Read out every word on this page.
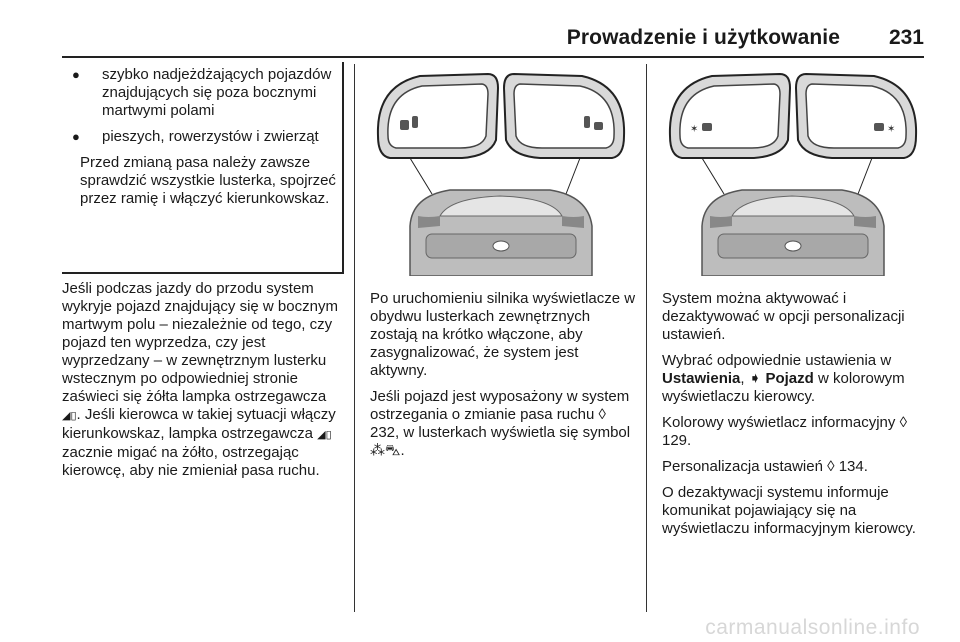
Prowadzenie i użytkowanie 231
● szybko nadjeżdżających pojazdów znajdujących się poza bocznymi martwymi polami
● pieszych, rowerzystów i zwierząt
Przed zmianą pasa należy zawsze sprawdzić wszystkie lusterka, spojrzeć przez ramię i włączyć kierunkowskaz.

Jeśli podczas jazdy do przodu system wykryje pojazd znajdujący się w bocznym martwym polu – niezależnie od tego, czy pojazd ten wyprzedza, czy jest wyprzedzany – w zewnętrznym lusterku wstecznym po odpowiedniej stronie zaświeci się żółta lampka ostrzegawcza ◢▯. Jeśli kierowca w takiej sytuacji włączy kierunkowskaz, lampka ostrzegawcza ◢▯ zacznie migać na żółto, ostrzegając kierowcę, aby nie zmieniał pasa ruchu.

Po uruchomieniu silnika wyświetlacze w obydwu lusterkach zewnętrznych zostają na krótko włączone, aby zasygnalizować, że system jest aktywny.

Jeśli pojazd jest wyposażony w system ostrzegania o zmianie pasa ruchu ◊ 232, w lusterkach wyświetla się symbol ⁂⛍.

✶	✶

System można aktywować i dezaktywować w opcji personalizacji ustawień.

Wybrać odpowiednie ustawienia w Ustawienia, ➧ Pojazd w kolorowym wyświetlaczu kierowcy.

Kolorowy wyświetlacz informacyjny ◊ 129.

Personalizacja ustawień ◊ 134.

O dezaktywacji systemu informuje komunikat pojawiający się na wyświetlaczu informacyjnym kierowcy.

carmanualsonline.info
